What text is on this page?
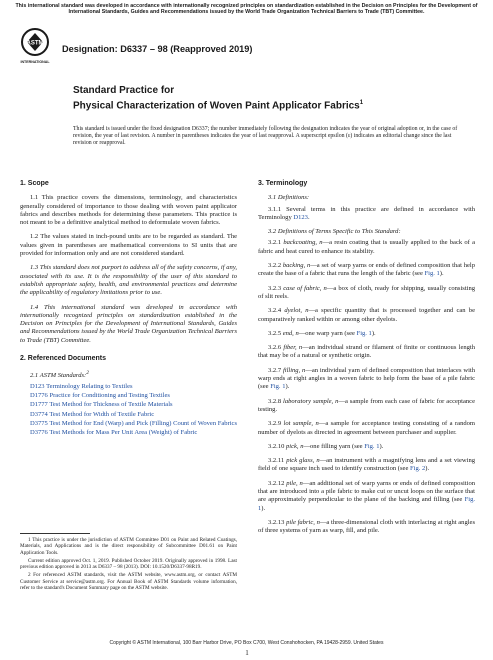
This international standard was developed in accordance with internationally recognized principles on standardization established in the Decision on Principles for the Development of International Standards, Guides and Recommendations issued by the World Trade Organization Technical Barriers to Trade (TBT) Committee.
ASTM
INTERNATIONAL
Designation: D6337 – 98 (Reapproved 2019)
Standard Practice for
Physical Characterization of Woven Paint Applicator Fabrics$^1$
This standard is issued under the fixed designation D6337; the number immediately following the designation indicates the year of original adoption or, in the case of revision, the year of last revision. A number in parentheses indicates the year of last reapproval. A superscript epsilon (ε) indicates an editorial change since the last revision or reapproval.
1. Scope

1.1 This practice covers the dimensions, terminology, and characteristics generally considered of importance to those dealing with woven paint applicator fabrics and describes methods for determining these parameters. This practice is not meant to be a definitive analytical method to deformulate woven fabrics.

1.2 The values stated in inch-pound units are to be regarded as standard. The values given in parentheses are mathematical conversions to SI units that are provided for information only and are not considered standard.

1.3 This standard does not purport to address all of the safety concerns, if any, associated with its use. It is the responsibility of the user of this standard to establish appropriate safety, health, and environmental practices and determine the applicability of regulatory limitations prior to use.

1.4 This international standard was developed in accordance with internationally recognized principles on standardization established in the Decision on Principles for the Development of International Standards, Guides and Recommendations issued by the World Trade Organization Technical Barriers to Trade (TBT) Committee.

2. Referenced Documents

2.1 ASTM Standards:$^2$

D123 Terminology Relating to Textiles
D1776 Practice for Conditioning and Testing Textiles
D1777 Test Method for Thickness of Textile Materials
D3774 Test Method for Width of Textile Fabric
D3775 Test Method for End (Warp) and Pick (Filling) Count of Woven Fabrics
D3776 Test Methods for Mass Per Unit Area (Weight) of Fabric

1 This practice is under the jurisdiction of ASTM Committee D01 on Paint and Related Coatings, Materials, and Applications and is the direct responsibility of Subcommittee D01.61 on Paint Application Tools.

Current edition approved Oct. 1, 2019. Published October 2019. Originally approved in 1998. Last previous edition approved in 2013 as D6337 – 98 (2013). DOI: 10.1520/D6337-98R19.

2 For referenced ASTM standards, visit the ASTM website, www.astm.org, or contact ASTM Customer Service at service@astm.org. For Annual Book of ASTM Standards volume information, refer to the standard's Document Summary page on the ASTM website.

3. Terminology

3.1 Definitions:

3.1.1 Several terms in this practice are defined in accordance with Terminology D123.

3.2 Definitions of Terms Specific to This Standard:

3.2.1 backcoating, n—a resin coating that is usually applied to the back of a fabric and heat cured to enhance its stability.

3.2.2 backing, n—a set of warp yarns or ends of defined composition that help create the base of a fabric that runs the length of the fabric (see Fig. 1).

3.2.3 case of fabric, n—a box of cloth, ready for shipping, usually consisting of slit reels.

3.2.4 dyelot, n—a specific quantity that is processed together and can be comparatively ranked within or among other dyelots.

3.2.5 end, n—one warp yarn (see Fig. 1).

3.2.6 fiber, n—an individual strand or filament of finite or continuous length that may be of a natural or synthetic origin.

3.2.7 filling, n—an individual yarn of defined composition that interlaces with warp ends at right angles in a woven fabric to help form the base of a pile fabric (see Fig. 1).

3.2.8 laboratory sample, n—a sample from each case of fabric for acceptance testing.

3.2.9 lot sample, n—a sample for acceptance testing consisting of a random number of dyelots as directed in agreement between purchaser and supplier.

3.2.10 pick, n—one filling yarn (see Fig. 1).

3.2.11 pick glass, n—an instrument with a magnifying lens and a set viewing field of one square inch used to identify construction (see Fig. 2).

3.2.12 pile, n—an additional set of warp yarns or ends of defined composition that are introduced into a pile fabric to make cut or uncut loops on the surface that are approximately perpendicular to the plane of the backing and filling (see Fig. 1).

3.2.13 pile fabric, n—a three-dimensional cloth with interlacing at right angles of three systems of yarn as warp, fill, and pile.

Copyright © ASTM International, 100 Barr Harbor Drive, PO Box C700, West Conshohocken, PA 19428-2959. United States
1
